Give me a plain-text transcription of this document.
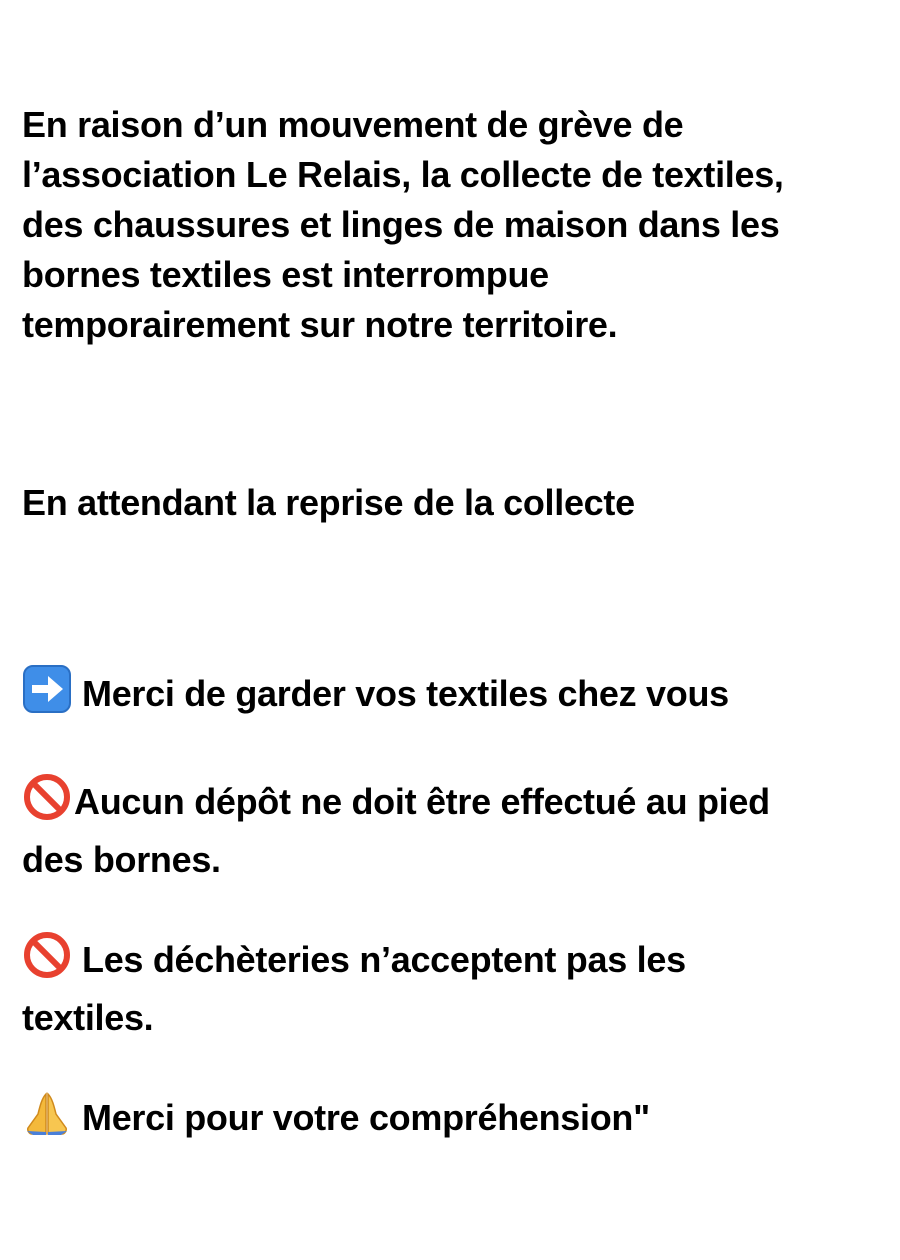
En raison d’un mouvement de grève de
l’association Le Relais, la collecte de textiles,
des chaussures et linges de maison dans les
bornes textiles est interrompue
temporairement sur notre territoire.

En attendant la reprise de la collecte

Merci de garder vos textiles chez vous

Aucun dépôt ne doit être effectué au pied
des bornes.

Les déchèteries n’acceptent pas les
textiles.

Merci pour votre compréhension"
